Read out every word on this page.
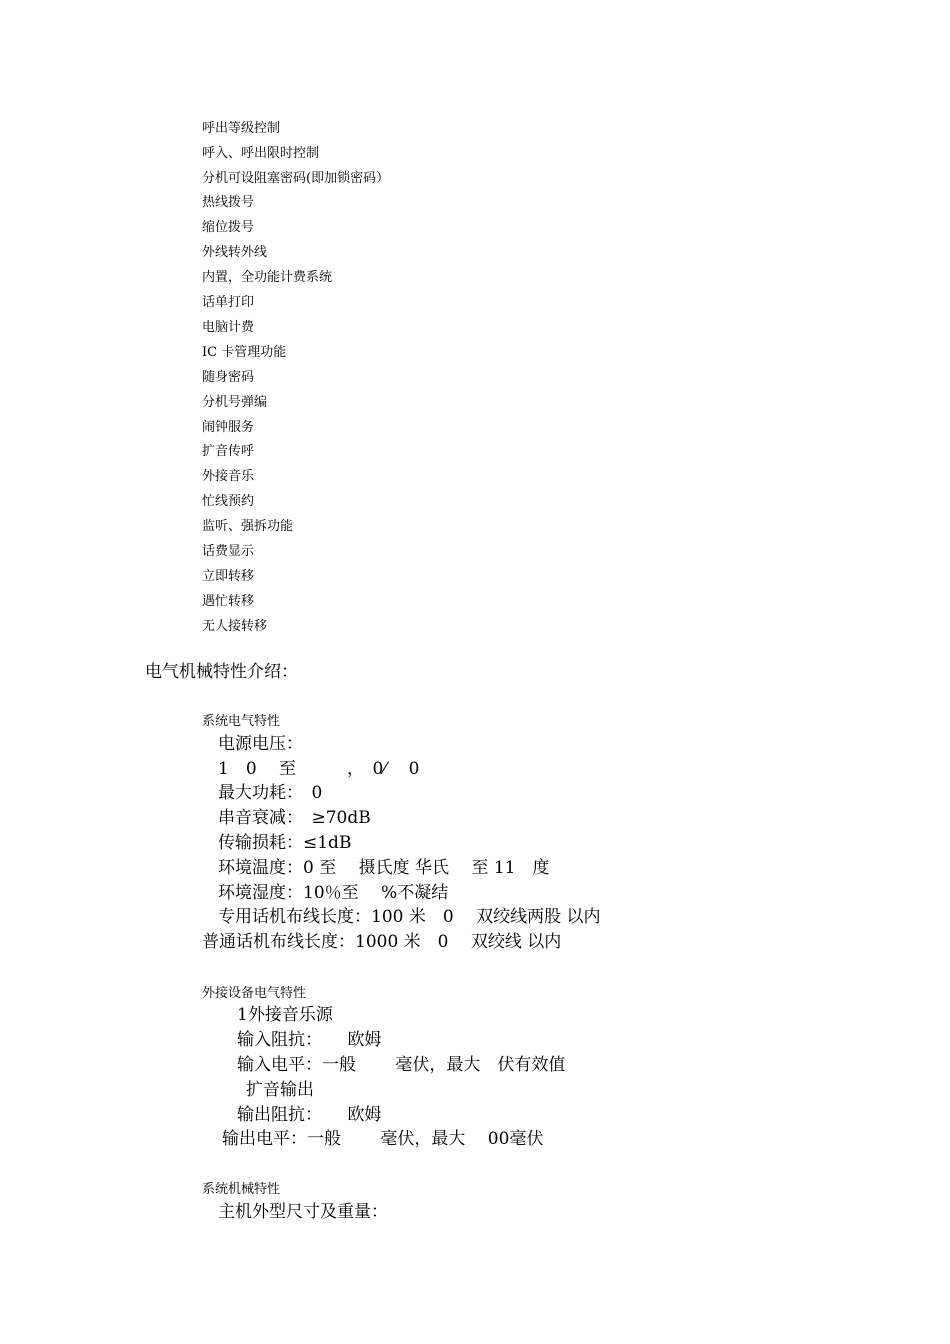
呼出等级控制
呼入、呼出限时控制
分机可设阻塞密码(即加锁密码）
热线拨号
缩位拨号
外线转外线
内置，全功能计费系统
话单打印
电脑计费
IC 卡管理功能
随身密码
分机号弹编
闹钟服务
扩音传呼
外接音乐
忙线预约
监听、强拆功能
话费显示
立即转移
遇忙转移
无人接转移
电气机械特性介绍：
系统电气特性
电源电压：
1　0　 至　　　，　0⁄　 0
最大功耗：　0
串音衰减：　≥70dB
传输损耗：≤1dB
环境温度：0 至　 摄氏度 华氏　 至 11　度
环境湿度：10％至　 %不凝结
专用话机布线长度：100 米　0　 双绞线两股 以内
普通话机布线长度：1000 米　0　 双绞线 以内
外接设备电气特性
1外接音乐源
输入阻抗：　　欧姆
输入电平：一般　　 毫伏，最大　伏有效值
扩音输出
输出阻抗：　　欧姆
输出电平：一般　　 毫伏，最大　 00毫伏
系统机械特性
主机外型尺寸及重量：
